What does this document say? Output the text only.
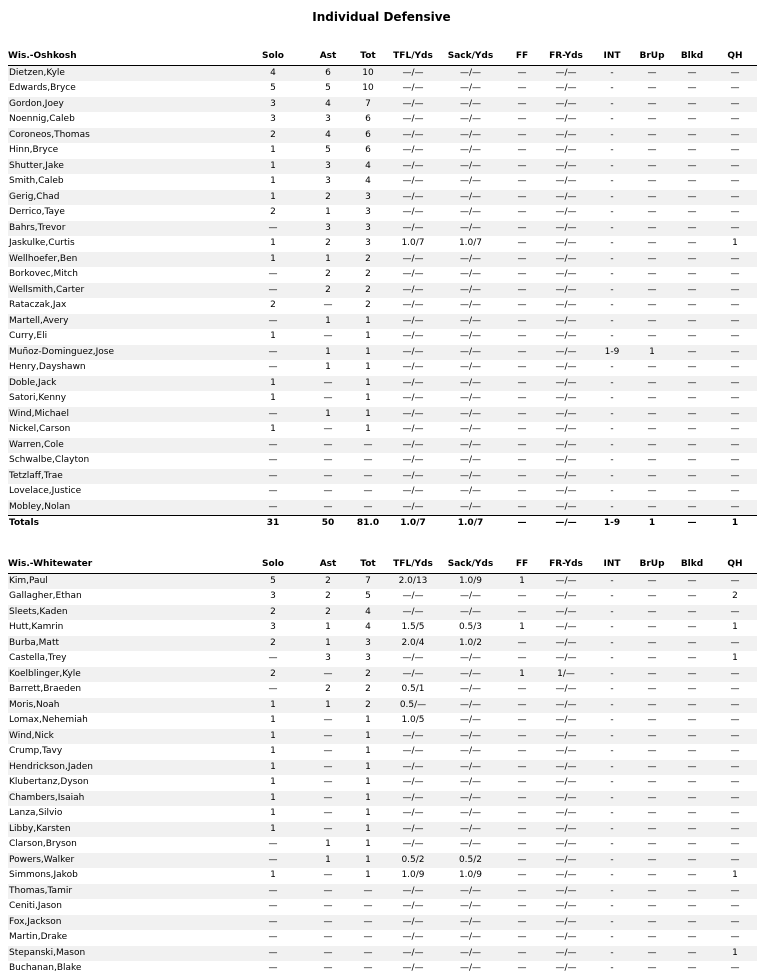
Individual Defensive
Wis.-Oshkosh	Solo	Ast	Tot	TFL/Yds	Sack/Yds	FF	FR-Yds	INT	BrUp	Blkd	QH
Dietzen,Kyle	4	6	10	—/—	—/—	—	—/—	-	—	—	—
Edwards,Bryce	5	5	10	—/—	—/—	—	—/—	-	—	—	—
Gordon,Joey	3	4	7	—/—	—/—	—	—/—	-	—	—	—
Noennig,Caleb	3	3	6	—/—	—/—	—	—/—	-	—	—	—
Coroneos,Thomas	2	4	6	—/—	—/—	—	—/—	-	—	—	—
Hinn,Bryce	1	5	6	—/—	—/—	—	—/—	-	—	—	—
Shutter,Jake	1	3	4	—/—	—/—	—	—/—	-	—	—	—
Smith,Caleb	1	3	4	—/—	—/—	—	—/—	-	—	—	—
Gerig,Chad	1	2	3	—/—	—/—	—	—/—	-	—	—	—
Derrico,Taye	2	1	3	—/—	—/—	—	—/—	-	—	—	—
Bahrs,Trevor	—	3	3	—/—	—/—	—	—/—	-	—	—	—
Jaskulke,Curtis	1	2	3	1.0/7	1.0/7	—	—/—	-	—	—	1
Wellhoefer,Ben	1	1	2	—/—	—/—	—	—/—	-	—	—	—
Borkovec,Mitch	—	2	2	—/—	—/—	—	—/—	-	—	—	—
Wellsmith,Carter	—	2	2	—/—	—/—	—	—/—	-	—	—	—
Rataczak,Jax	2	—	2	—/—	—/—	—	—/—	-	—	—	—
Martell,Avery	—	1	1	—/—	—/—	—	—/—	-	—	—	—
Curry,Eli	1	—	1	—/—	—/—	—	—/—	-	—	—	—
Muñoz-Dominguez,Jose	—	1	1	—/—	—/—	—	—/—	1-9	1	—	—
Henry,Dayshawn	—	1	1	—/—	—/—	—	—/—	-	—	—	—
Doble,Jack	1	—	1	—/—	—/—	—	—/—	-	—	—	—
Satori,Kenny	1	—	1	—/—	—/—	—	—/—	-	—	—	—
Wind,Michael	—	1	1	—/—	—/—	—	—/—	-	—	—	—
Nickel,Carson	1	—	1	—/—	—/—	—	—/—	-	—	—	—
Warren,Cole	—	—	—	—/—	—/—	—	—/—	-	—	—	—
Schwalbe,Clayton	—	—	—	—/—	—/—	—	—/—	-	—	—	—
Tetzlaff,Trae	—	—	—	—/—	—/—	—	—/—	-	—	—	—
Lovelace,Justice	—	—	—	—/—	—/—	—	—/—	-	—	—	—
Mobley,Nolan	—	—	—	—/—	—/—	—	—/—	-	—	—	—
Totals	31	50	81.0	1.0/7	1.0/7	—	—/—	1-9	1	—	1
Wis.-Whitewater	Solo	Ast	Tot	TFL/Yds	Sack/Yds	FF	FR-Yds	INT	BrUp	Blkd	QH
Kim,Paul	5	2	7	2.0/13	1.0/9	1	—/—	-	—	—	—
Gallagher,Ethan	3	2	5	—/—	—/—	—	—/—	-	—	—	2
Sleets,Kaden	2	2	4	—/—	—/—	—	—/—	-	—	—	—
Hutt,Kamrin	3	1	4	1.5/5	0.5/3	1	—/—	-	—	—	1
Burba,Matt	2	1	3	2.0/4	1.0/2	—	—/—	-	—	—	—
Castella,Trey	—	3	3	—/—	—/—	—	—/—	-	—	—	1
Koelblinger,Kyle	2	—	2	—/—	—/—	1	1/—	-	—	—	—
Barrett,Braeden	—	2	2	0.5/1	—/—	—	—/—	-	—	—	—
Moris,Noah	1	1	2	0.5/—	—/—	—	—/—	-	—	—	—
Lomax,Nehemiah	1	—	1	1.0/5	—/—	—	—/—	-	—	—	—
Wind,Nick	1	—	1	—/—	—/—	—	—/—	-	—	—	—
Crump,Tavy	1	—	1	—/—	—/—	—	—/—	-	—	—	—
Hendrickson,Jaden	1	—	1	—/—	—/—	—	—/—	-	—	—	—
Klubertanz,Dyson	1	—	1	—/—	—/—	—	—/—	-	—	—	—
Chambers,Isaiah	1	—	1	—/—	—/—	—	—/—	-	—	—	—
Lanza,Silvio	1	—	1	—/—	—/—	—	—/—	-	—	—	—
Libby,Karsten	1	—	1	—/—	—/—	—	—/—	-	—	—	—
Clarson,Bryson	—	1	1	—/—	—/—	—	—/—	-	—	—	—
Powers,Walker	—	1	1	0.5/2	0.5/2	—	—/—	-	—	—	—
Simmons,Jakob	1	—	1	1.0/9	1.0/9	—	—/—	-	—	—	1
Thomas,Tamir	—	—	—	—/—	—/—	—	—/—	-	—	—	—
Ceniti,Jason	—	—	—	—/—	—/—	—	—/—	-	—	—	—
Fox,Jackson	—	—	—	—/—	—/—	—	—/—	-	—	—	—
Martin,Drake	—	—	—	—/—	—/—	—	—/—	-	—	—	—
Stepanski,Mason	—	—	—	—/—	—/—	—	—/—	-	—	—	1
Buchanan,Blake	—	—	—	—/—	—/—	—	—/—	-	—	—	—
